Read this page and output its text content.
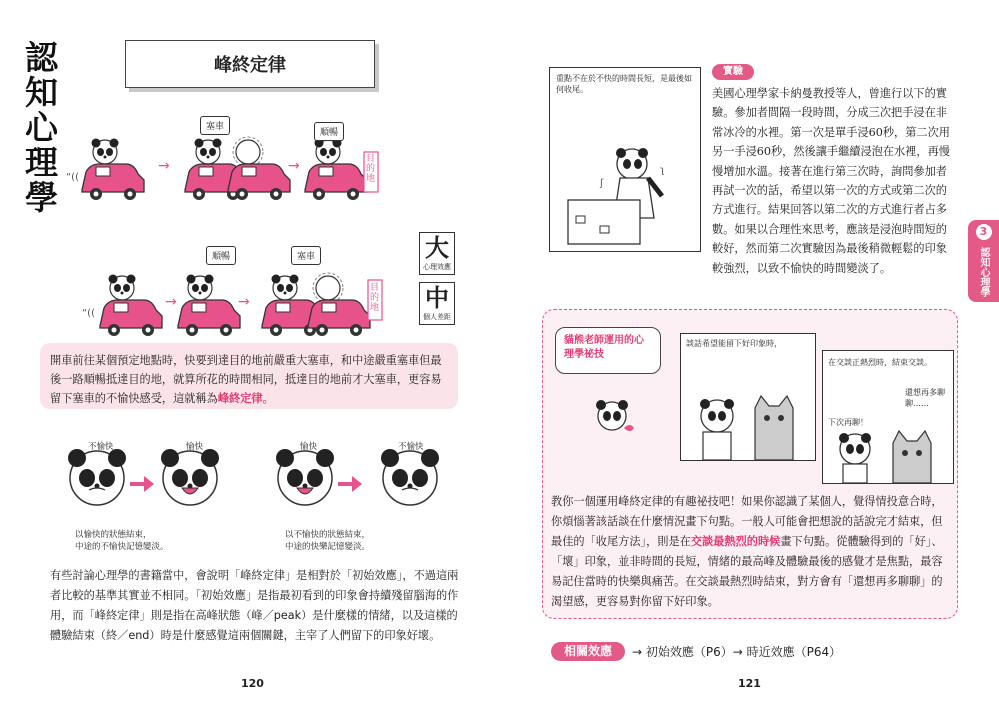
認知心理學	峰終定律
“((
→	→
“((
→	→
塞車
順暢
目的地
順暢	塞車
目的地
大
心理效應
中
個人差距
開車前往某個預定地點時，快要到達目的地前嚴重大塞車，和中途嚴重塞車但最後一路順暢抵達目的地，就算所花的時間相同，抵達目的地前才大塞車，更容易留下塞車的不愉快感受，這就稱為峰終定律。
不愉快	愉快	愉快	不愉快
以愉快的狀態結束，
中途的不愉快記憶變淡。
以不愉快的狀態結束，
中途的快樂記憶變淡。
有些討論心理學的書籍當中，會說明「峰終定律」是相對於「初始效應」，不過這兩者比較的基準其實並不相同。「初始效應」是指最初看到的印象會持續殘留腦海的作用，而「峰終定律」則是指在高峰狀態（峰／peak）是什麼樣的情緒，以及這樣的體驗結束（終／end）時是什麼感覺這兩個關鍵，主宰了人們留下的印象好壞。
120
重點不在於不快的時間長短，是最後如何收尾。
ʃ
ʅ
實驗
美國心理學家卡納曼教授等人，曾進行以下的實驗。參加者間隔一段時間，分成三次把手浸在非常冰冷的水裡。第一次是單手浸60秒，第二次用另一手浸60秒，然後讓手繼續浸泡在水裡，再慢慢增加水溫。接著在進行第三次時，詢問參加者再試一次的話，希望以第一次的方式或第二次的方式進行。結果回答以第二次的方式進行者占多數。如果以合理性來思考，應該是浸泡時間短的較好，然而第二次實驗因為最後稍微輕鬆的印象較強烈，以致不愉快的時間變淡了。
3
認知心理學
貓熊老師運用的心理學祕技
談話希望能留下好印象時，
在交談正熱烈時，結束交談。
下次再聊！
還想再多聊聊……
教你一個運用峰終定律的有趣祕技吧！如果你認識了某個人，覺得情投意合時，你煩惱著該話談在什麼情況畫下句點。一般人可能會把想說的話說完才結束，但最佳的「收尾方法」，則是在交談最熱烈的時候畫下句點。從體驗得到的「好」、「壞」印象，並非時間的長短，情緒的最高峰及體驗最後的感覺才是焦點，最容易記住當時的快樂與痛苦。在交談最熱烈時結束，對方會有「還想再多聊聊」的渴望感，更容易對你留下好印象。
相關效應	→ 初始效應（P6）→ 時近效應（P64）
121
